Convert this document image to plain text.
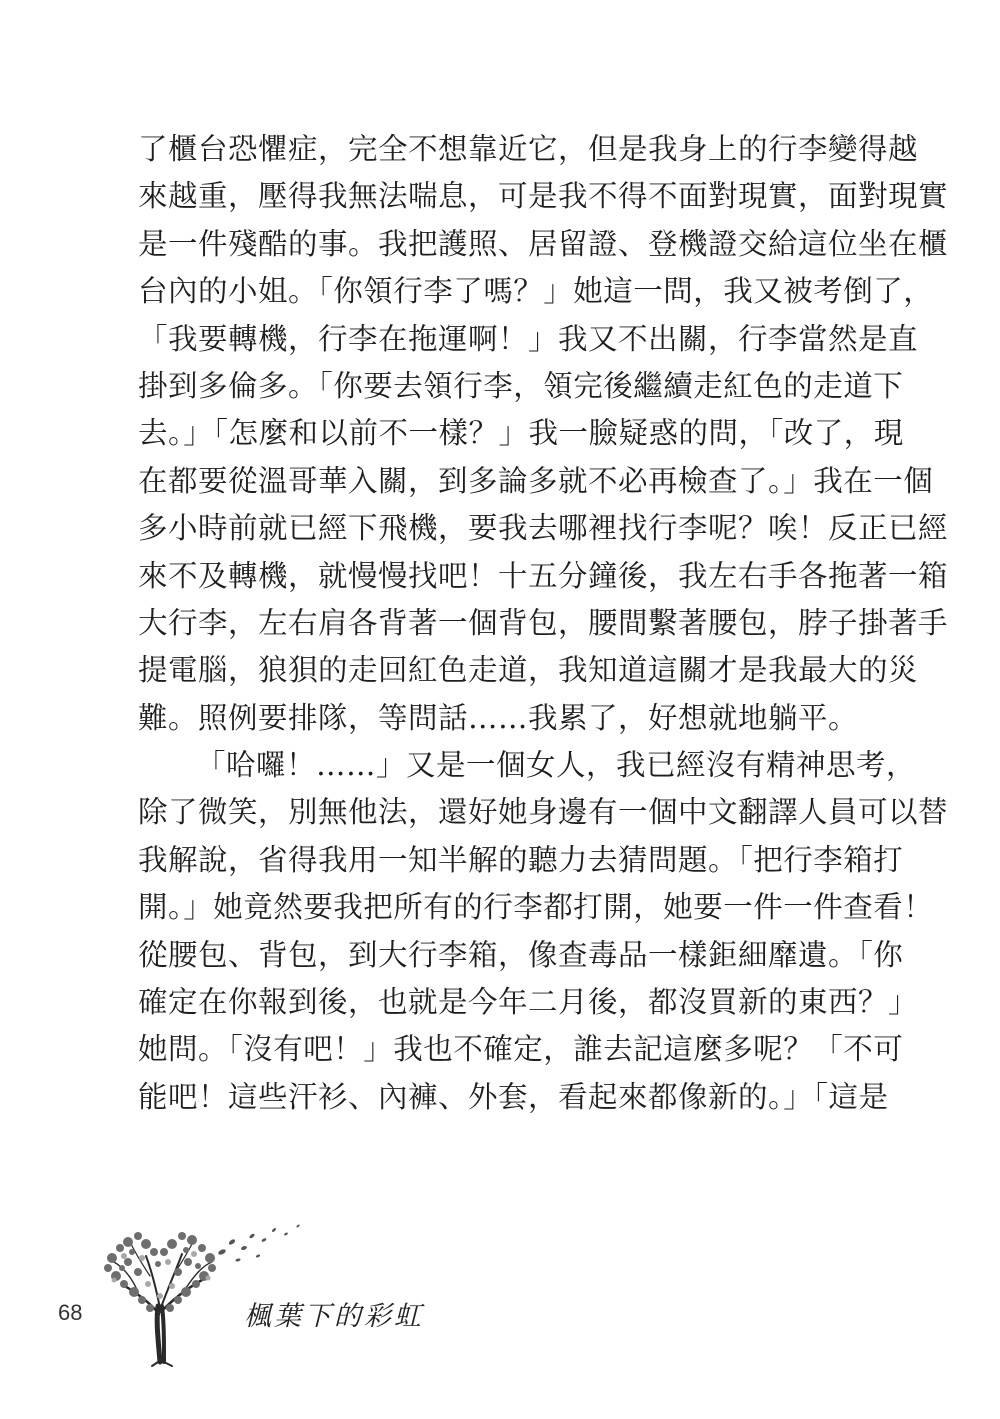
了櫃台恐懼症，完全不想靠近它，但是我身上的行李變得越
來越重，壓得我無法喘息，可是我不得不面對現實，面對現實
是一件殘酷的事。我把護照、居留證、登機證交給這位坐在櫃
台內的小姐。「你領行李了嗎？」她這一問，我又被考倒了，
「我要轉機，行李在拖運啊！」我又不出關，行李當然是直
掛到多倫多。「你要去領行李，領完後繼續走紅色的走道下
去。」「怎麼和以前不一樣？」我一臉疑惑的問，「改了，現
在都要從溫哥華入關，到多論多就不必再檢查了。」我在一個
多小時前就已經下飛機，要我去哪裡找行李呢？唉！反正已經
來不及轉機，就慢慢找吧！十五分鐘後，我左右手各拖著一箱
大行李，左右肩各背著一個背包，腰間繫著腰包，脖子掛著手
提電腦，狼狽的走回紅色走道，我知道這關才是我最大的災
難。照例要排隊，等問話……我累了，好想就地躺平。
「哈囉！……」又是一個女人，我已經沒有精神思考，
除了微笑，別無他法，還好她身邊有一個中文翻譯人員可以替
我解說，省得我用一知半解的聽力去猜問題。「把行李箱打
開。」她竟然要我把所有的行李都打開，她要一件一件查看！
從腰包、背包，到大行李箱，像查毒品一樣鉅細靡遺。「你
確定在你報到後，也就是今年二月後，都沒買新的東西？」
她問。「沒有吧！」我也不確定，誰去記這麼多呢？「不可
能吧！這些汗衫、內褲、外套，看起來都像新的。」「這是
68	楓葉下的彩虹
